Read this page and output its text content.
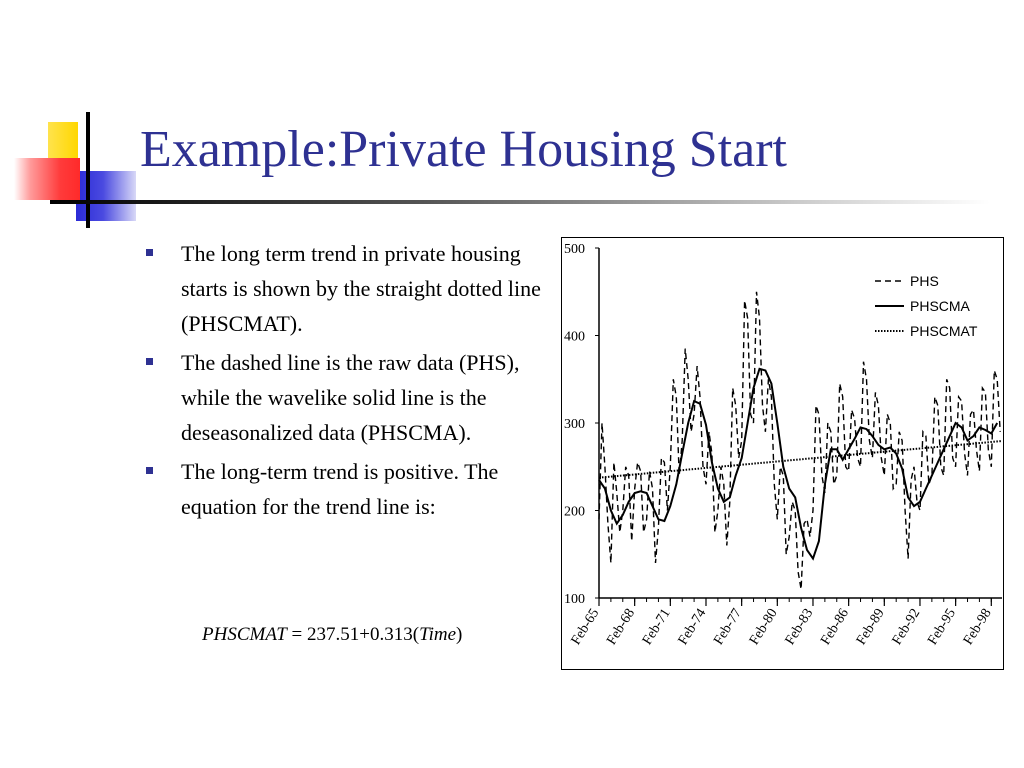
Example:Private Housing Start
The long term trend in private housing starts is shown by the straight dotted line (PHSCMAT).
The dashed line is the raw data (PHS), while the wavelike solid line is the deseasonalized data (PHSCMA).
The long-term trend is positive. The equation for the trend line is:
PHSCMAT = 237.51+0.313(Time)
100
200
300
400
500
Feb-65 Feb-68 Feb-71 Feb-74 Feb-77 Feb-80 Feb-83 Feb-86 Feb-89 Feb-92 Feb-95 Feb-98
PHS
PHSCMA
PHSCMAT
